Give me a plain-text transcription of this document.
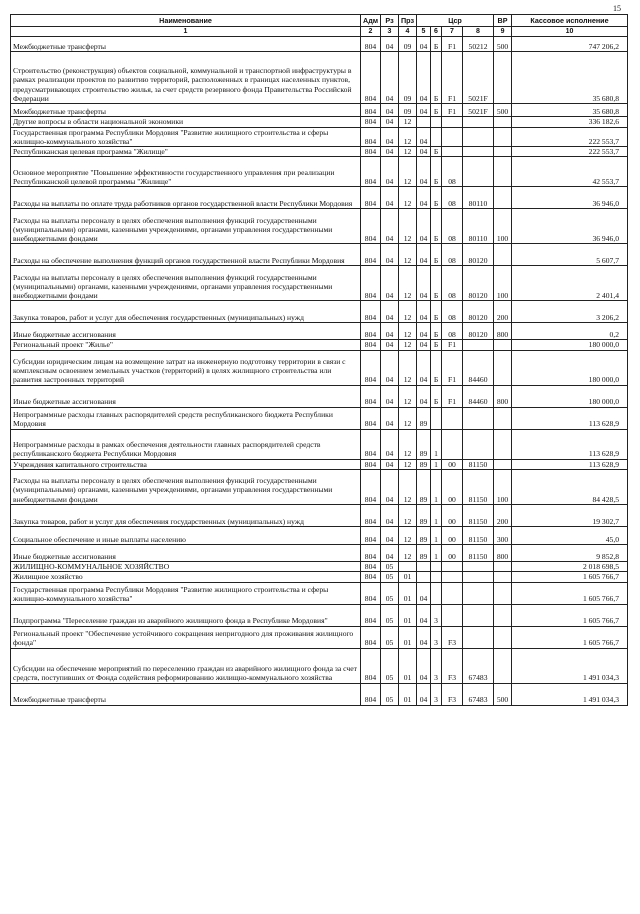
15
Наименование	Адм	Рз	Прз	Цср				ВР	Кассовое исполнение
1	2	3	4	5	6	7	8	9	10
Межбюджетные трансферты	804	04	09	04	Б	F1	50212	500	747 206,2
Строительство (реконструкция) объектов социальной, коммунальной и транспортной инфраструктуры в рамках реализации проектов по развитию территорий, расположенных в границах населенных пунктов, предусматривающих строительство жилья, за счет средств резервного фонда Правительства Российской Федерации	804	04	09	04	Б	F1	5021F		35 680,8
Межбюджетные трансферты	804	04	09	04	Б	F1	5021F	500	35 680,8
Другие вопросы в области национальной экономики	804	04	12						336 182,6
Государственная программа Республики Мордовия "Развитие жилищного строительства и сферы жилищно-коммунального хозяйства"	804	04	12	04					222 553,7
Республиканская целевая программа "Жилище"	804	04	12	04	Б				222 553,7
Основное мероприятие "Повышение эффективности государственного управления при реализации Республиканской целевой программы "Жилище"	804	04	12	04	Б	08			42 553,7
Расходы на выплаты по оплате труда работников органов государственной власти Республики Мордовия	804	04	12	04	Б	08	80110		36 946,0
Расходы на выплаты персоналу в целях обеспечения выполнения функций государственными (муниципальными) органами, казенными учреждениями, органами управления государственными внебюджетными фондами	804	04	12	04	Б	08	80110	100	36 946,0
Расходы на обеспечение выполнения функций органов государственной власти Республики Мордовия	804	04	12	04	Б	08	80120		5 607,7
Расходы на выплаты персоналу в целях обеспечения выполнения функций государственными (муниципальными) органами, казенными учреждениями, органами управления государственными внебюджетными фондами	804	04	12	04	Б	08	80120	100	2 401,4
Закупка товаров, работ и услуг для обеспечения государственных (муниципальных) нужд	804	04	12	04	Б	08	80120	200	3 206,2
Иные бюджетные ассигнования	804	04	12	04	Б	08	80120	800	0,2
Региональный проект "Жилье"	804	04	12	04	Б	F1			180 000,0
Субсидии юридическим лицам на возмещение затрат на инженерную подготовку территории в связи с комплексным освоением земельных участков (территорий) в целях жилищного строительства или развития застроенных территорий	804	04	12	04	Б	F1	84460		180 000,0
Иные бюджетные ассигнования	804	04	12	04	Б	F1	84460	800	180 000,0
Непрограммные расходы главных распорядителей средств республиканского бюджета Республики Мордовия	804	04	12	89					113 628,9
Непрограммные расходы в рамках обеспечения деятельности главных распорядителей средств республиканского бюджета Республики Мордовия	804	04	12	89	1				113 628,9
Учреждения капитального строительства	804	04	12	89	1	00	81150		113 628,9
Расходы на выплаты персоналу в целях обеспечения выполнения функций государственными (муниципальными) органами, казенными учреждениями, органами управления государственными внебюджетными фондами	804	04	12	89	1	00	81150	100	84 428,5
Закупка товаров, работ и услуг для обеспечения государственных (муниципальных) нужд	804	04	12	89	1	00	81150	200	19 302,7
Социальное обеспечение и иные выплаты населению	804	04	12	89	1	00	81150	300	45,0
Иные бюджетные ассигнования	804	04	12	89	1	00	81150	800	9 852,8
ЖИЛИЩНО-КОММУНАЛЬНОЕ ХОЗЯЙСТВО	804	05							2 018 698,5
Жилищное хозяйство	804	05	01						1 605 766,7
Государственная программа Республики Мордовия "Развитие жилищного строительства и сферы жилищно-коммунального хозяйства"	804	05	01	04					1 605 766,7
Подпрограмма "Переселение граждан из аварийного жилищного фонда в Республике Мордовия"	804	05	01	04	3				1 605 766,7
Региональный проект "Обеспечение устойчивого сокращения непригодного для проживания жилищного фонда"	804	05	01	04	3	F3			1 605 766,7
Субсидии на обеспечение мероприятий по переселению граждан из аварийного жилищного фонда за счет средств, поступивших от Фонда содействия реформированию жилищно-коммунального хозяйства	804	05	01	04	3	F3	67483		1 491 034,3
Межбюджетные трансферты	804	05	01	04	3	F3	67483	500	1 491 034,3
